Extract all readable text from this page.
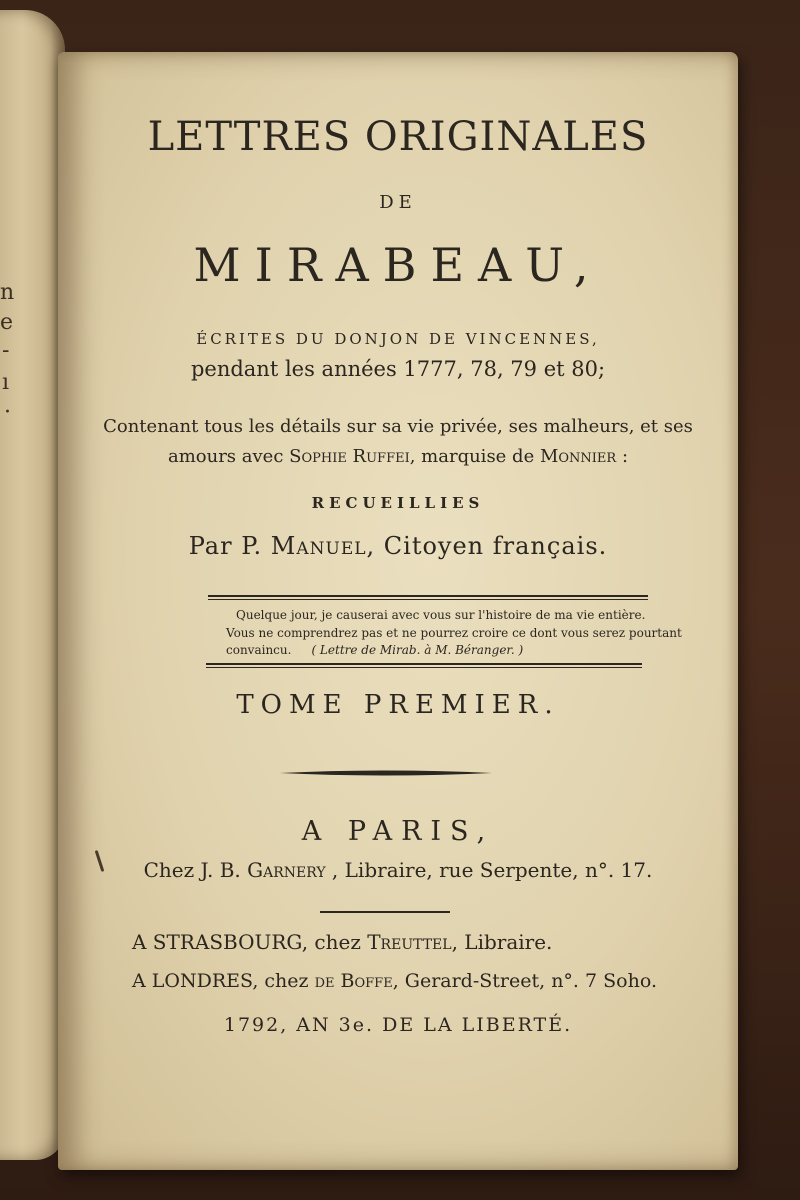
n
e
-
ı
·
LETTRES ORIGINALES
DE
MIRABEAU,
ÉCRITES DU DONJON DE VINCENNES,
pendant les années 1777, 78, 79 et 80;
Contenant tous les détails sur sa vie privée, ses malheurs, et ses
amours avec Sophie Ruffei, marquise de Monnier :
RECUEILLIES
Par P. Manuel, Citoyen français.
Quelque jour, je causerai avec vous sur l'histoire de ma vie entière.
Vous ne comprendrez pas et ne pourrez croire ce dont vous serez pourtant
convaincu. ( Lettre de Mirab. à M. Béranger. )
TOME PREMIER.
A PARIS,
Chez J. B. Garnery , Libraire, rue Serpente, n°. 17.
A STRASBOURG, chez Treuttel, Libraire.
A LONDRES, chez de Boffe, Gerard-Street, n°. 7 Soho.
1792, AN 3e. DE LA LIBERTÉ.
